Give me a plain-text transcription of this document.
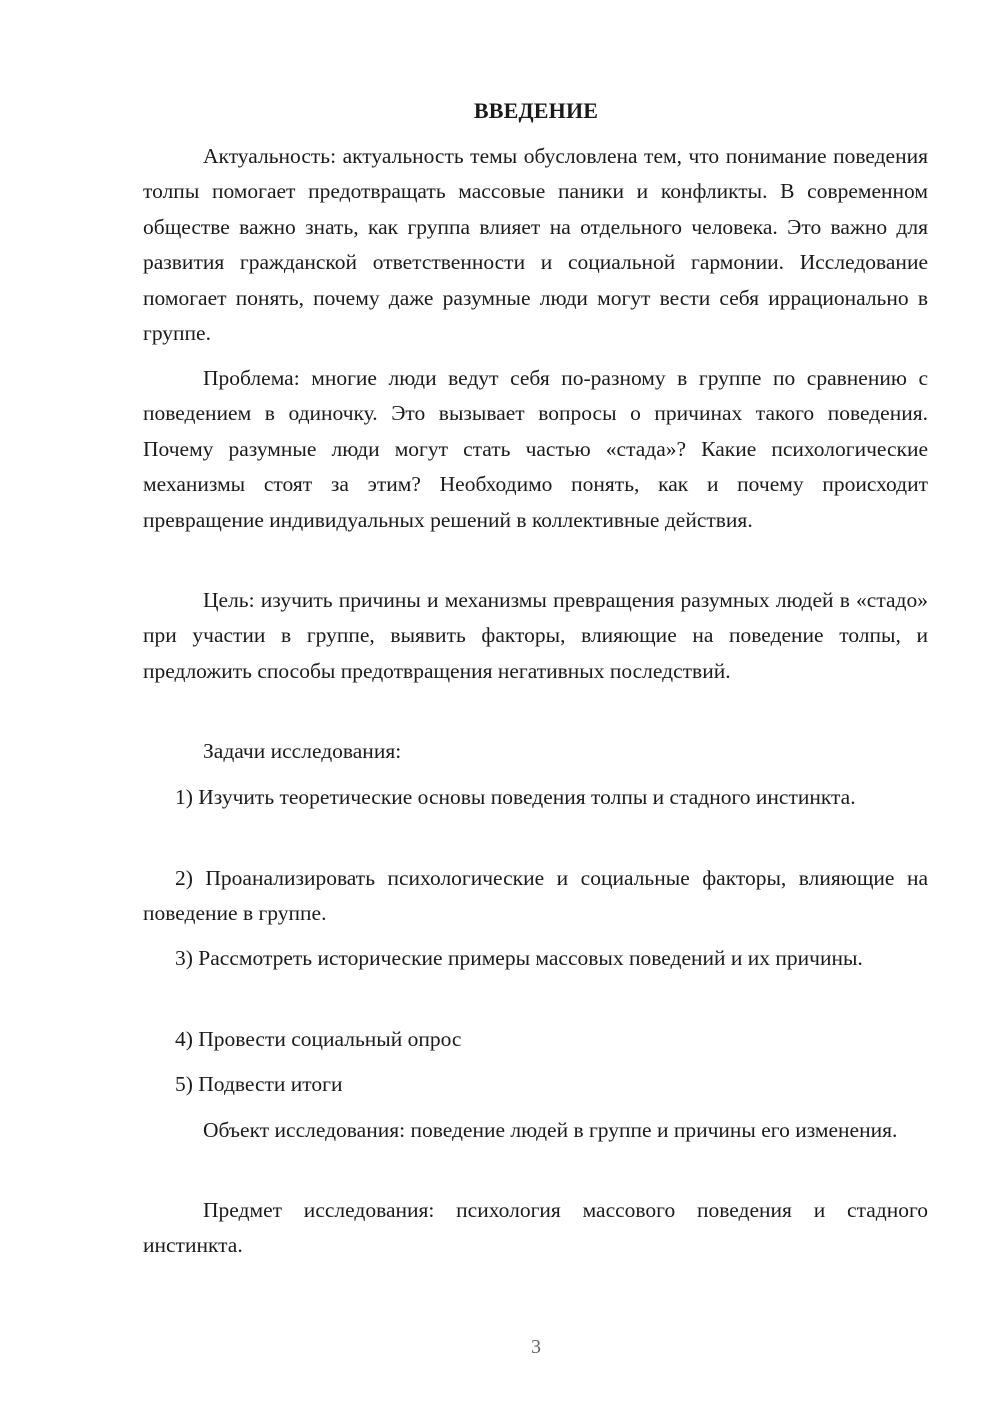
ВВЕДЕНИЕ

Актуальность: актуальность темы обусловлена тем, что понимание поведения толпы помогает предотвращать массовые паники и конфликты. В современном обществе важно знать, как группа влияет на отдельного человека. Это важно для развития гражданской ответственности и социальной гармонии. Исследование помогает понять, почему даже разумные люди могут вести себя иррационально в группе.

Проблема: многие люди ведут себя по-разному в группе по сравнению с поведением в одиночку. Это вызывает вопросы о причинах такого поведения. Почему разумные люди могут стать частью «стада»? Какие психологические механизмы стоят за этим? Необходимо понять, как и почему происходит превращение индивидуальных решений в коллективные действия.

Цель: изучить причины и механизмы превращения разумных людей в «стадо» при участии в группе, выявить факторы, влияющие на поведение толпы, и предложить способы предотвращения негативных последствий.

Задачи исследования:

1) Изучить теоретические основы поведения толпы и стадного инстинкта.

2) Проанализировать психологические и социальные факторы, влияющие на поведение в группе.

3) Рассмотреть исторические примеры массовых поведений и их причины.

4) Провести социальный опрос

5) Подвести итоги

Объект исследования: поведение людей в группе и причины его изменения.

Предмет исследования: психология массового поведения и стадного инстинкта.

3
